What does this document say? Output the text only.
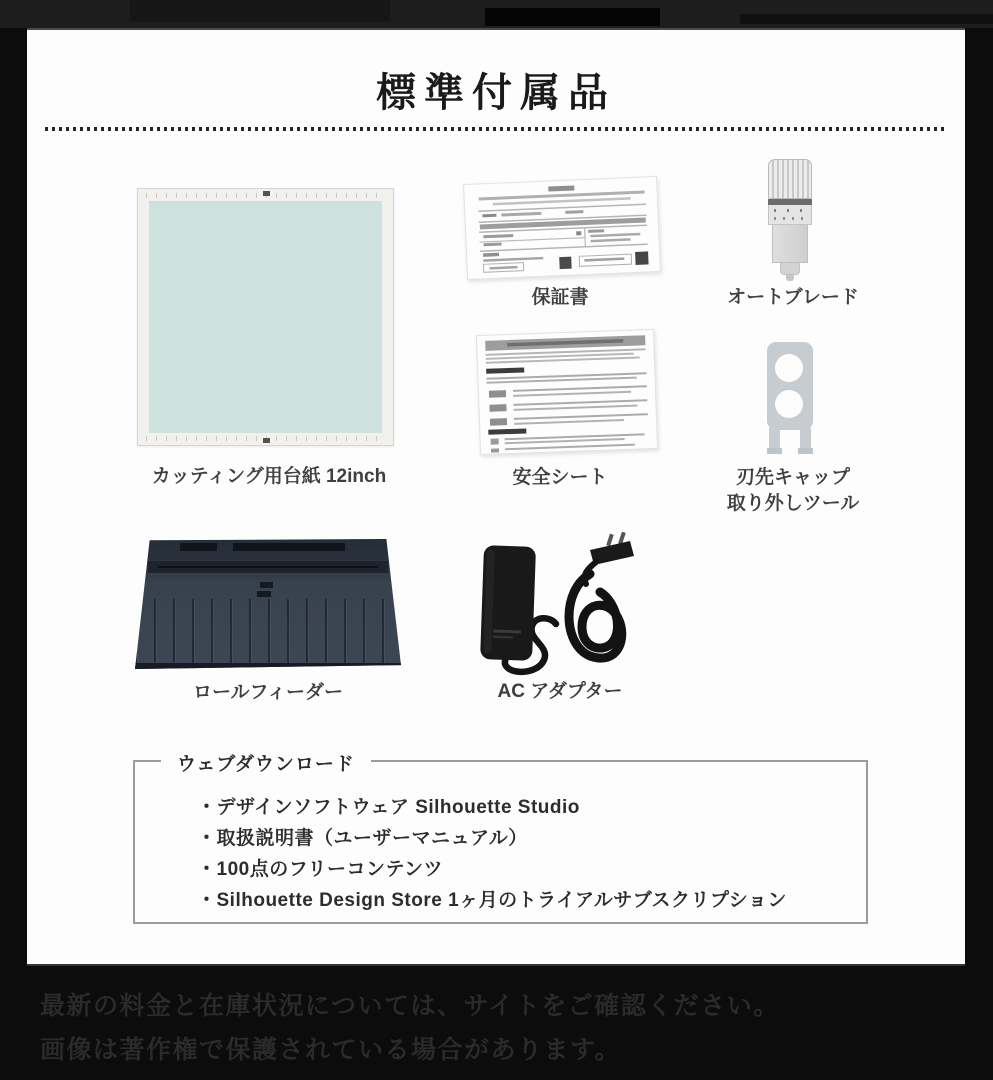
標準付属品
カッティング用台紙 12inch
保証書	オートブレード
安全シート	刃先キャップ
取り外しツール
ロールフィーダー	AC アダプター
ウェブダウンロード
・デザインソフトウェア Silhouette Studio
・取扱説明書（ユーザーマニュアル）
・100点のフリーコンテンツ
・Silhouette Design Store 1ヶ月のトライアルサブスクリプション
最新の料金と在庫状況については、サイトをご確認ください。
画像は著作権で保護されている場合があります。
